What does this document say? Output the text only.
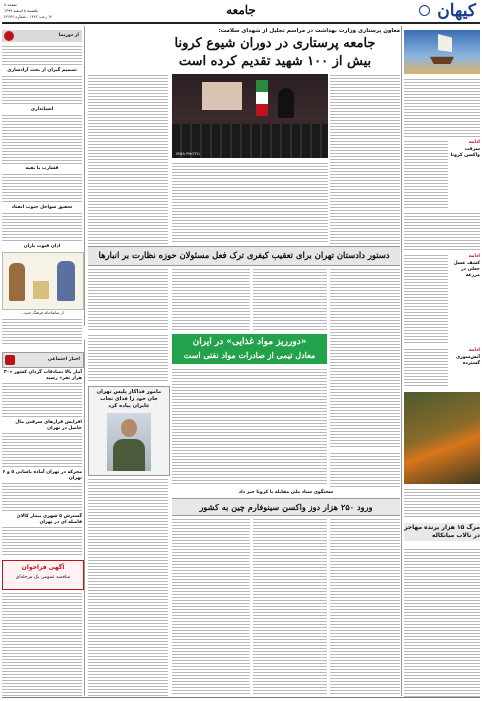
کیهان
جامعه
صفحه ۸
یکشنبه ۸ اسفند ۱۳۹۹
۱۴ رجب ۱۴۴۲ - شماره ۲۲۶۴۶
معاون پرستاری وزارت بهداشت در مراسم تجلیل از شهدای سلامت:
جامعه پرستاری در دوران شیوع کرونا
بیش از ۱۰۰ شهید تقدیم کرده است
ادامه
سرقت واکسن کرونا
ادامه
کشف عسل جعلی در مزرعه
ادامه
آتش‌سوزی گسترده
مرگ ۱۵ هزار پرنده مهاجر در تالاب میانکاله
از دورنما
تصمیم گیران از بحث آزادسازی
استانداری
فشارب یا بقیه
تحقیق سواحل جنوب انفتاد
اذان قنوت باران
از تماشاخانه فرهنگ جدید...
ISNA PHOTO
دستور دادستان تهران برای تعقیب کیفری ترک فعل مسئولان حوزه نظارت بر انبارها
«دورریز مواد غذایی» در ایران
معادل تیمی از صادرات مواد نفتی است
اخبار اجتماعی
آمار بالا تصادفات گردان کشور «۳۰ هزار نفر» رسید
افزایش قرارهای سرقتی مال حاصل در تهران
محرکه در تهران آماده باسانی ۵ و ۶ تهران
گسترش ۵ شهری بیمار کالای فاصله ای در تهران
آگهی فراخوان
مناقصه عمومی یک مرحله‌ای
مامور فداکار پلیس تهران جان خود را فدای نجات عابران پیاده کرد
سخنگوی ستاد ملی مقابله با کرونا خبر داد
ورود ۲۵۰ هزار دوز واکسن سینوفارم چین به کشور
